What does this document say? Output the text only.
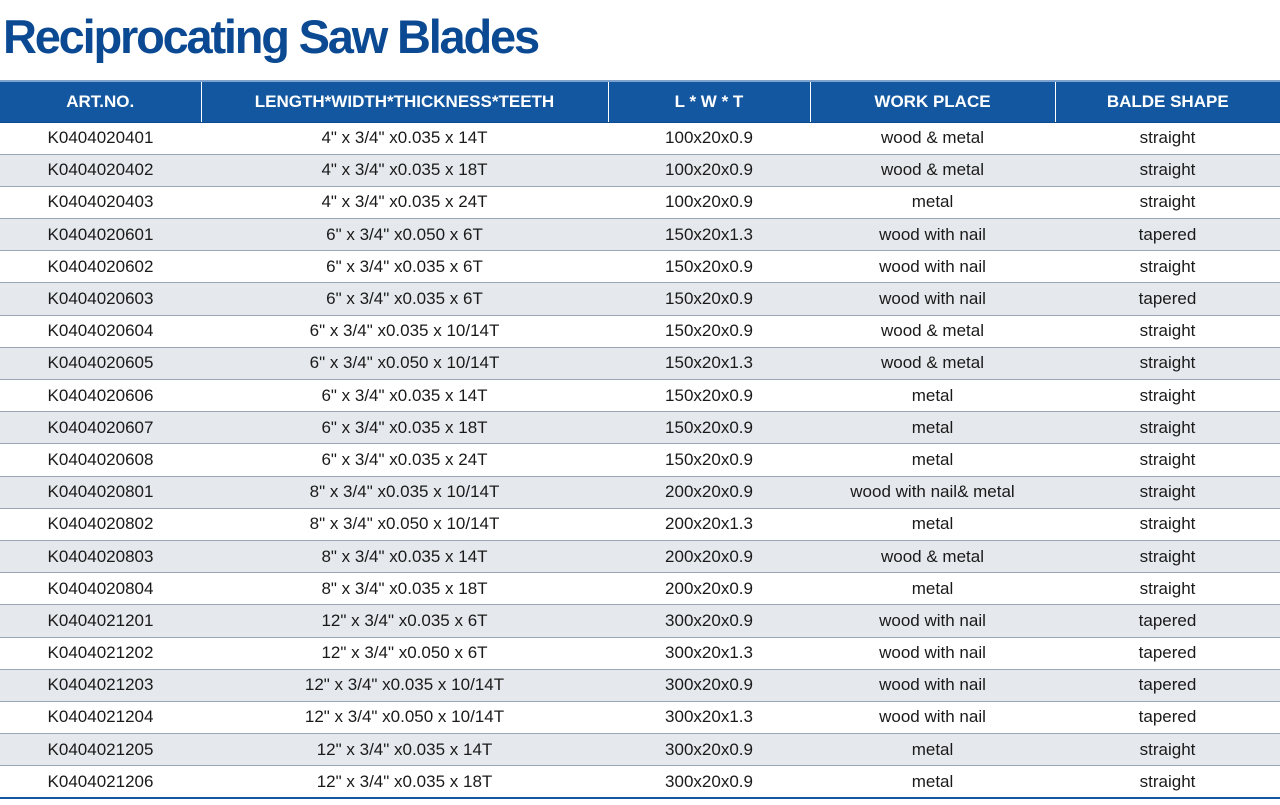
Reciprocating Saw Blades
ART.NO.	LENGTH*WIDTH*THICKNESS*TEETH	L * W * T	WORK PLACE	BALDE SHAPE
K0404020401	4" x 3/4" x0.035 x 14T	100x20x0.9	wood & metal	straight
K0404020402	4" x 3/4" x0.035 x 18T	100x20x0.9	wood & metal	straight
K0404020403	4" x 3/4" x0.035 x 24T	100x20x0.9	metal	straight
K0404020601	6" x 3/4" x0.050 x 6T	150x20x1.3	wood with nail	tapered
K0404020602	6" x 3/4" x0.035 x 6T	150x20x0.9	wood with nail	straight
K0404020603	6" x 3/4" x0.035 x 6T	150x20x0.9	wood with nail	tapered
K0404020604	6" x 3/4" x0.035 x 10/14T	150x20x0.9	wood & metal	straight
K0404020605	6" x 3/4" x0.050 x 10/14T	150x20x1.3	wood & metal	straight
K0404020606	6" x 3/4" x0.035 x 14T	150x20x0.9	metal	straight
K0404020607	6" x 3/4" x0.035 x 18T	150x20x0.9	metal	straight
K0404020608	6" x 3/4" x0.035 x 24T	150x20x0.9	metal	straight
K0404020801	8" x 3/4" x0.035 x 10/14T	200x20x0.9	wood with nail& metal	straight
K0404020802	8" x 3/4" x0.050 x 10/14T	200x20x1.3	metal	straight
K0404020803	8" x 3/4" x0.035 x 14T	200x20x0.9	wood & metal	straight
K0404020804	8" x 3/4" x0.035 x 18T	200x20x0.9	metal	straight
K0404021201	12" x 3/4" x0.035 x 6T	300x20x0.9	wood with nail	tapered
K0404021202	12" x 3/4" x0.050 x 6T	300x20x1.3	wood with nail	tapered
K0404021203	12" x 3/4" x0.035 x 10/14T	300x20x0.9	wood with nail	tapered
K0404021204	12" x 3/4" x0.050 x 10/14T	300x20x1.3	wood with nail	tapered
K0404021205	12" x 3/4" x0.035 x 14T	300x20x0.9	metal	straight
K0404021206	12" x 3/4" x0.035 x 18T	300x20x0.9	metal	straight
